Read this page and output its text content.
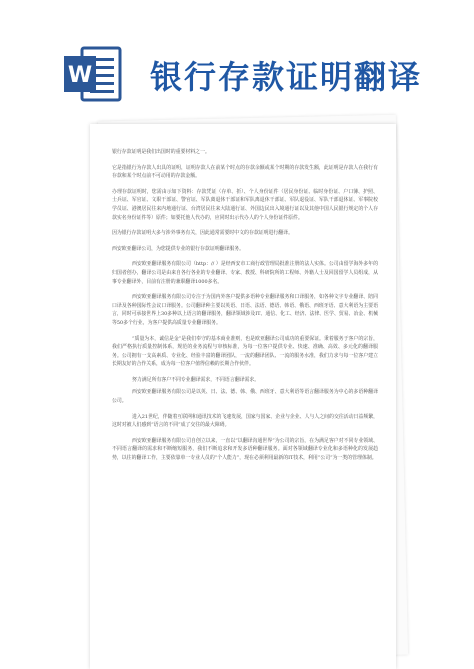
W 银行存款证明翻译

银行存款证明是我们出国时的重要材料之一。

它是指银行为存款人出具的证明，证明存款人在前某个时点的存款余额或某个时期的存款发生额，此证明是存款人在我行有存款和某个时点前不可动用的存款金额。

办理存款证明时，您需由示如下资料：存款凭证（存单、折）、个人身份证件（居民身份证、临时身份证、户口簿、护照、士兵证、军官证、文职干部证、警官证、军队离退休干部证和军队离退休干部证、军队退役证、军队干部退休证、军事院校学员证、港澳居民往来内地通行证、台湾居民往来大陆通行证、外国边民出入境通行证以及其他中国人民银行规定的个人存款实名身份证件等）原件；如要托他人代办的，应同时出示代办人的个人身份证件原件。

因为银行存款证明大多与涉外事务有关，因此通常需要时中文的存款证明进行翻译。

西安欧亚翻译公司，为您提供专业的银行存款证明翻译服务。

西安欧亚翻译服务有限公司（http：// ）是经西安市工商行政管理局批准注册的法人实体。公司由留学海外多年的归国者创办，翻译公司是由来自各行各业的专业翻译、专家、教授、科研院所的工程师、外籍人士及回国留学人员组成，从事专业翻译外，目前有注册的兼职翻译1000多名。

西安欧亚翻译服务有限公司专注于为国内外客户提供多语种专业翻译服务和口译服务，如各种文字专业翻译、陪同口译及各种国际性会议口译服务。公司翻译种主要以英语、日语、法语、德语、韩语、俄语、西班牙语、意大利语为主要语言，同时可承接世界上30多种以上语言的翻译服务，翻译领域涉及IT、通信、化工、经济、法律、医学、贸易、冶金、机械等50多个行业，为客户提供高质量专业翻译服务。

“质量为本，诚信是金”是我们奉守的基本商业准则，也是欧亚翻译公司成功的重要保证。秉着服务于客户的宗旨，我们严格执行质量控制体系，规范的业务流程与审核标准，为每一位客户提供专业、快速、准确、高效、多元化的翻译服务。公司拥有一支高素质、专业化、经验丰富的翻译团队，一流的翻译团队、一流的服务水准，我们力求与每一位客户建立长期友好的合作关系，成为每一位客户值得信赖的长期合作伙伴。

努力满足所有客户不同专业翻译需求，不同语言翻译需求。

西安欧亚翻译服务有限公司是以英、日、法、德、韩、俄、西班牙、意大利语等语言翻译服务为中心的多语种翻译公司。

进入21世纪，伴随着互联网和通讯技术的飞速发展，国家与国家、企业与企业、人与人之间的交往活动日益频繁，这时对被人们感到“语言的不同”成了交往的最大障碍。

西安欧亚翻译服务有限公司自创立以来，一直以“以翻译沟通世界”为公司的宗旨，在为满足客户对不同专业领域、不同语言翻译的需求和不断缩短服务，我们不断追求和开发多语种翻译服务。面对各领域翻译专业化和多语种化的发展趋势，以往的翻译工作，主要依靠单一专业人员的“个人能力”，现在必须利用最新的IT技术，利用“公司”为一类的管理体制。
